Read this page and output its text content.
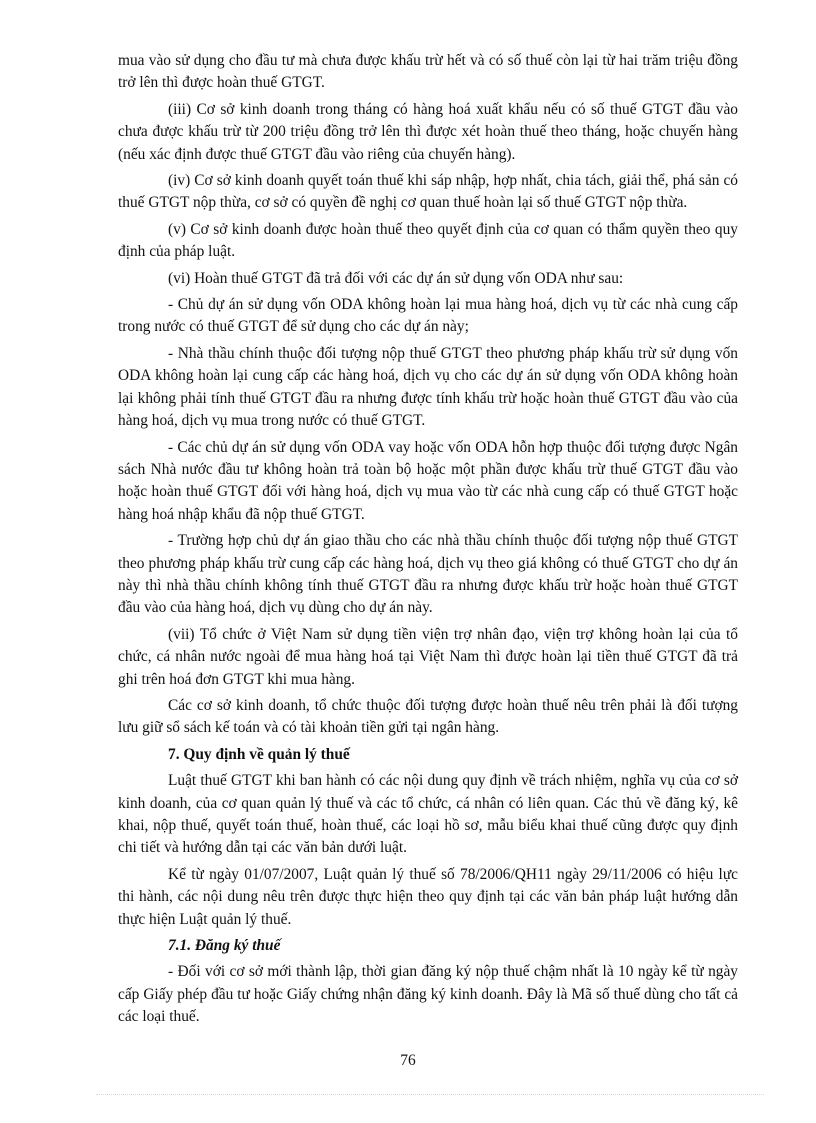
mua vào sử dụng cho đầu tư mà chưa được khấu trừ hết và có số thuế còn lại từ hai trăm triệu đồng trở lên thì được hoàn thuế GTGT.

(iii) Cơ sở kinh doanh trong tháng có hàng hoá xuất khẩu nếu có số thuế GTGT đầu vào chưa được khấu trừ từ 200 triệu đồng trở lên thì được xét hoàn thuế theo tháng, hoặc chuyến hàng (nếu xác định được thuế GTGT đầu vào riêng của chuyến hàng).

(iv) Cơ sở kinh doanh quyết toán thuế khi sáp nhập, hợp nhất, chia tách, giải thể, phá sản có thuế GTGT nộp thừa, cơ sở có quyền đề nghị cơ quan thuế hoàn lại số thuế GTGT nộp thừa.

(v) Cơ sở kinh doanh được hoàn thuế theo quyết định của cơ quan có thẩm quyền theo quy định của pháp luật.

(vi) Hoàn thuế GTGT đã trả đối với các dự án sử dụng vốn ODA như sau:

- Chủ dự án sử dụng vốn ODA không hoàn lại mua hàng hoá, dịch vụ từ các nhà cung cấp trong nước có thuế GTGT để sử dụng cho các dự án này;

- Nhà thầu chính thuộc đối tượng nộp thuế GTGT theo phương pháp khấu trừ sử dụng vốn ODA không hoàn lại cung cấp các hàng hoá, dịch vụ cho các dự án sử dụng vốn ODA không hoàn lại không phải tính thuế GTGT đầu ra nhưng được tính khấu trừ hoặc hoàn thuế GTGT đầu vào của hàng hoá, dịch vụ mua trong nước có thuế GTGT.

- Các chủ dự án sử dụng vốn ODA vay hoặc vốn ODA hỗn hợp thuộc đối tượng được Ngân sách Nhà nước đầu tư không hoàn trả toàn bộ hoặc một phần được khấu trừ thuế GTGT đầu vào hoặc hoàn thuế GTGT đối với hàng hoá, dịch vụ mua vào từ các nhà cung cấp có thuế GTGT hoặc hàng hoá nhập khẩu đã nộp thuế GTGT.

- Trường hợp chủ dự án giao thầu cho các nhà thầu chính thuộc đối tượng nộp thuế GTGT theo phương pháp khấu trừ cung cấp các hàng hoá, dịch vụ theo giá không có thuế GTGT cho dự án này thì nhà thầu chính không tính thuế GTGT đầu ra nhưng được khấu trừ hoặc hoàn thuế GTGT đầu vào của hàng hoá, dịch vụ dùng cho dự án này.

(vii) Tổ chức ở Việt Nam sử dụng tiền viện trợ nhân đạo, viện trợ không hoàn lại của tổ chức, cá nhân nước ngoài để mua hàng hoá tại Việt Nam thì được hoàn lại tiền thuế GTGT đã trả ghi trên hoá đơn GTGT khi mua hàng.

Các cơ sở kinh doanh, tổ chức thuộc đối tượng được hoàn thuế nêu trên phải là đối tượng lưu giữ sổ sách kế toán và có tài khoản tiền gửi tại ngân hàng.

7. Quy định về quản lý thuế

Luật thuế GTGT khi ban hành có các nội dung quy định về trách nhiệm, nghĩa vụ của cơ sở kinh doanh, của cơ quan quản lý thuế và các tổ chức, cá nhân có liên quan. Các thủ về đăng ký, kê khai, nộp thuế, quyết toán thuế, hoàn thuế, các loại hồ sơ, mẫu biểu khai thuế cũng được quy định chi tiết và hướng dẫn tại các văn bản dưới luật.

Kể từ ngày 01/07/2007, Luật quản lý thuế số 78/2006/QH11 ngày 29/11/2006 có hiệu lực thi hành, các nội dung nêu trên được thực hiện theo quy định tại các văn bản pháp luật hướng dẫn thực hiện Luật quản lý thuế.

7.1. Đăng ký thuế

- Đối với cơ sở mới thành lập, thời gian đăng ký nộp thuế chậm nhất là 10 ngày kể từ ngày cấp Giấy phép đầu tư hoặc Giấy chứng nhận đăng ký kinh doanh. Đây là Mã số thuế dùng cho tất cả các loại thuế.

76
